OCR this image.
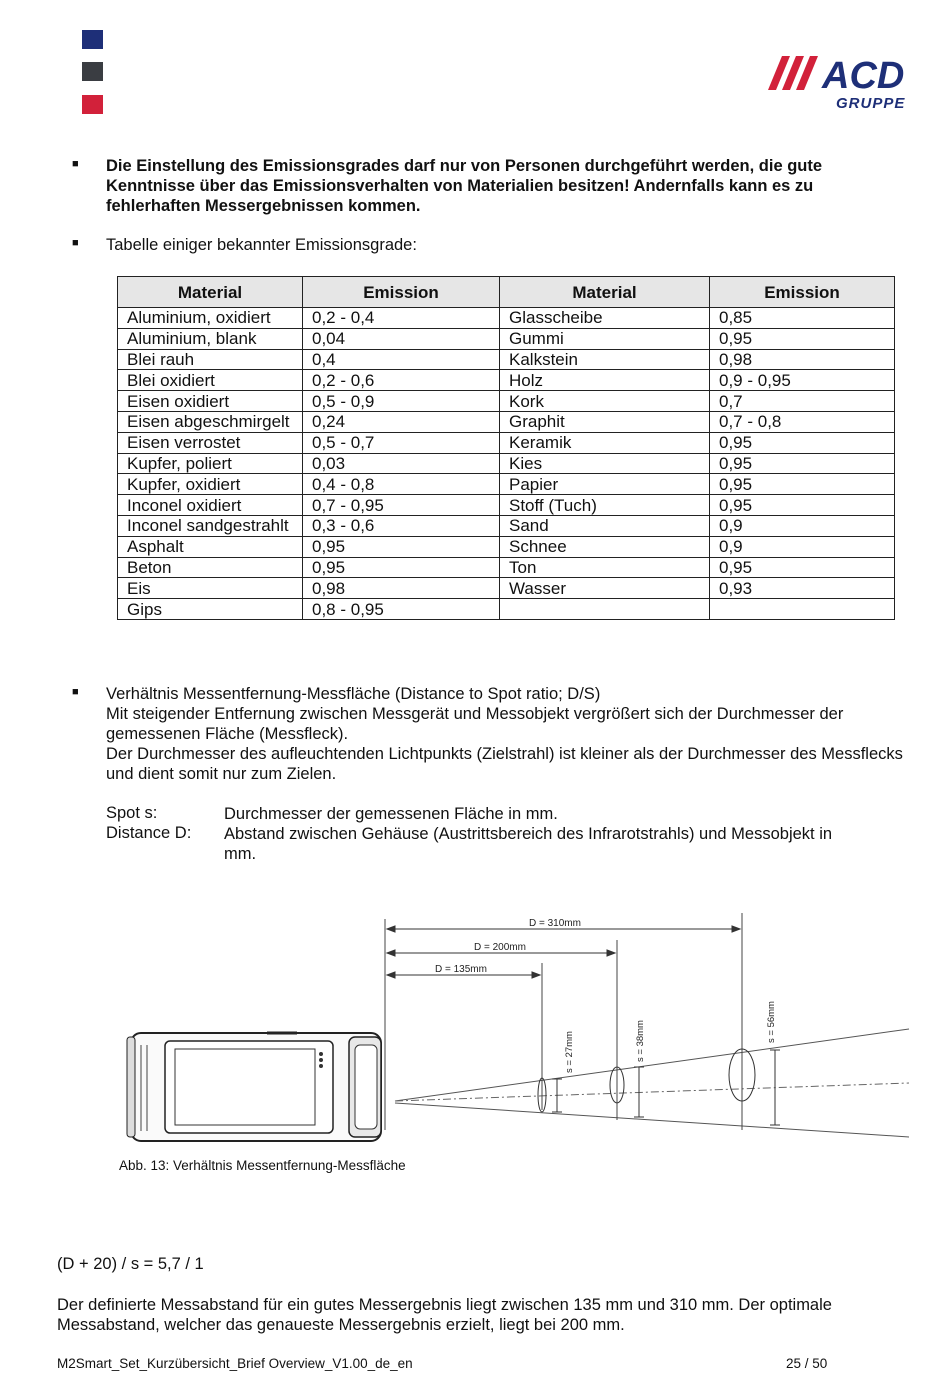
ACD
GRUPPE
■ Die Einstellung des Emissionsgrades darf nur von Personen durchgeführt werden, die gute Kenntnisse über das Emissionsverhalten von Materialien besitzen! Andernfalls kann es zu fehlerhaften Messergebnissen kommen.
■ Tabelle einiger bekannter Emissionsgrade:
Material	Emission	Material	Emission
Aluminium, oxidiert	0,2 - 0,4	Glasscheibe	0,85
Aluminium, blank	0,04	Gummi	0,95
Blei rauh	0,4	Kalkstein	0,98
Blei oxidiert	0,2 - 0,6	Holz	0,9 - 0,95
Eisen oxidiert	0,5 - 0,9	Kork	0,7
Eisen abgeschmirgelt	0,24	Graphit	0,7 - 0,8
Eisen verrostet	0,5 - 0,7	Keramik	0,95
Kupfer, poliert	0,03	Kies	0,95
Kupfer, oxidiert	0,4 - 0,8	Papier	0,95
Inconel oxidiert	0,7 - 0,95	Stoff (Tuch)	0,95
Inconel sandgestrahlt	0,3 - 0,6	Sand	0,9
Asphalt	0,95	Schnee	0,9
Beton	0,95	Ton	0,95
Eis	0,98	Wasser	0,93
Gips	0,8 - 0,95		
■ Verhältnis Messentfernung-Messfläche (Distance to Spot ratio; D/S)
Mit steigender Entfernung zwischen Messgerät und Messobjekt vergrößert sich der Durchmesser der gemessenen Fläche (Messfleck).
Der Durchmesser des aufleuchtenden Lichtpunkts (Zielstrahl) ist kleiner als der Durchmesser des Messflecks und dient somit nur zum Zielen.
Spot s:	Durchmesser der gemessenen Fläche in mm.
Distance D: Abstand zwischen Gehäuse (Austrittsbereich des Infrarotstrahls) und Messobjekt in mm.
D = 310mm
D = 200mm
D = 135mm
s = 27mm	s = 38mm	s = 56mm
Abb. 13: Verhältnis Messentfernung-Messfläche
(D + 20) / s = 5,7 / 1
Der definierte Messabstand für ein gutes Messergebnis liegt zwischen 135 mm und 310 mm. Der optimale Messabstand, welcher das genaueste Messergebnis erzielt, liegt bei 200 mm.
M2Smart_Set_Kurzübersicht_Brief Overview_V1.00_de_en	25 / 50
